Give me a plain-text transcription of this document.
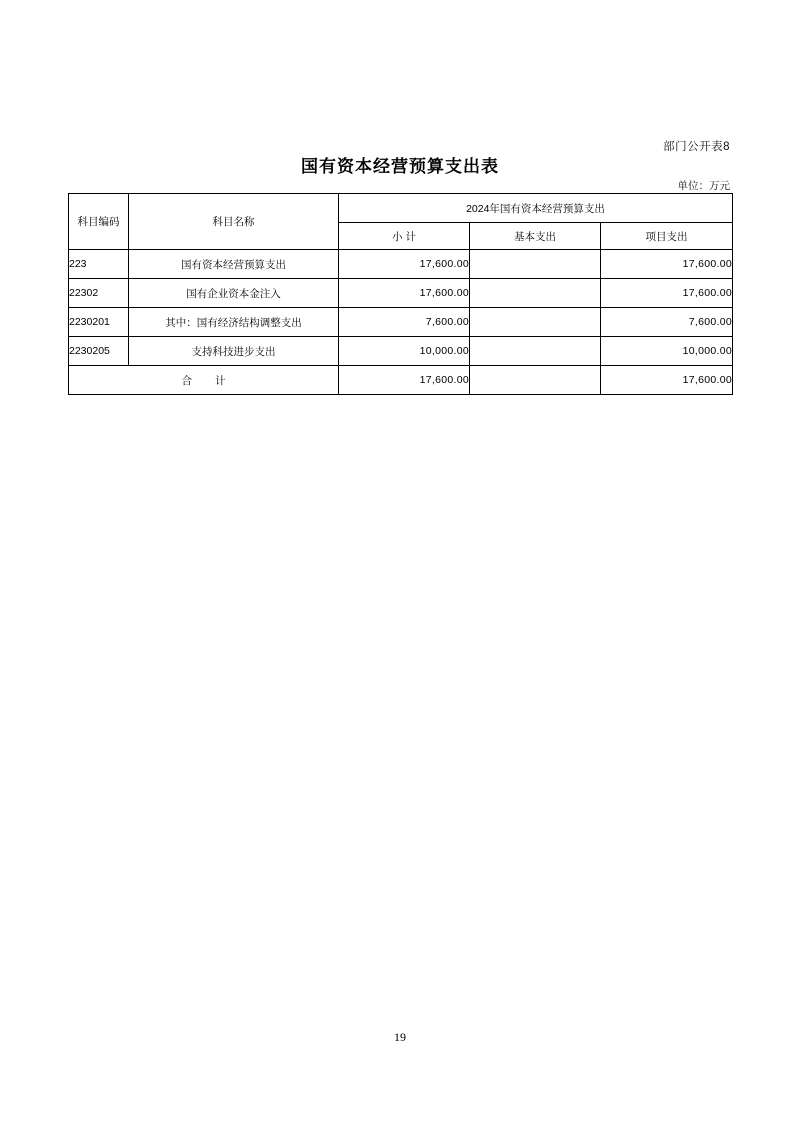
部门公开表8
国有资本经营预算支出表
单位：万元
科目编码	科目名称	2024年国有资本经营预算支出		
		小 计	基本支出	项目支出
223	国有资本经营预算支出	17,600.00		17,600.00
22302	国有企业资本金注入	17,600.00		17,600.00
2230201	其中：国有经济结构调整支出	7,600.00		7,600.00
2230205	支持科技进步支出	10,000.00		10,000.00
合 计		17,600.00		17,600.00
19
